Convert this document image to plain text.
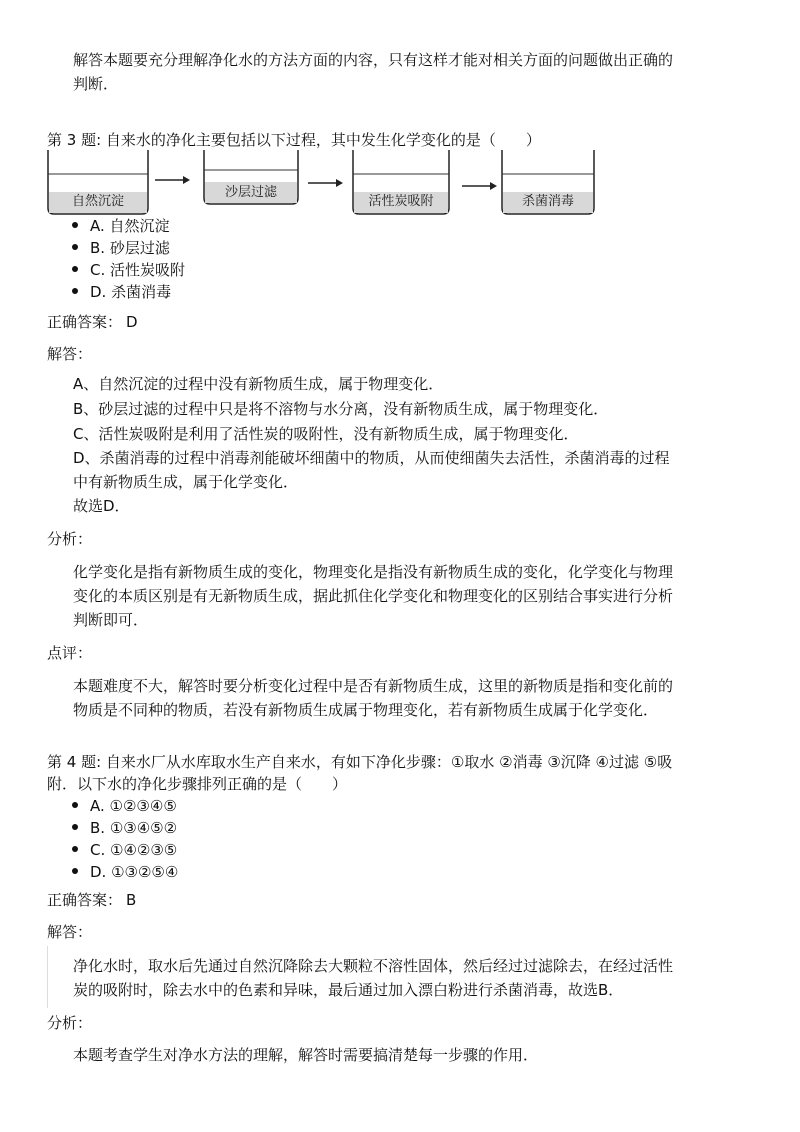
解答本题要充分理解净化水的方法方面的内容，只有这样才能对相关方面的问题做出正确的
判断．
第 3 题: 自来水的净化主要包括以下过程，其中发生化学变化的是（　　）
自然沉淀
沙层过滤
活性炭吸附	杀菌消毒
A. 自然沉淀
B. 砂层过滤
C. 活性炭吸附
D. 杀菌消毒
正确答案： D
解答：
A、自然沉淀的过程中没有新物质生成，属于物理变化．
B、砂层过滤的过程中只是将不溶物与水分离，没有新物质生成，属于物理变化．
C、活性炭吸附是利用了活性炭的吸附性，没有新物质生成，属于物理变化．
D、杀菌消毒的过程中消毒剂能破坏细菌中的物质，从而使细菌失去活性，杀菌消毒的过程
中有新物质生成，属于化学变化．
故选D．
分析：
化学变化是指有新物质生成的变化，物理变化是指没有新物质生成的变化，化学变化与物理
变化的本质区别是有无新物质生成，据此抓住化学变化和物理变化的区别结合事实进行分析
判断即可．
点评：
本题难度不大，解答时要分析变化过程中是否有新物质生成，这里的新物质是指和变化前的
物质是不同种的物质，若没有新物质生成属于物理变化，若有新物质生成属于化学变化．
第 4 题: 自来水厂从水库取水生产自来水，有如下净化步骤：①取水 ②消毒 ③沉降 ④过滤 ⑤吸
附．以下水的净化步骤排列正确的是（　　）
A. ①②③④⑤
B. ①③④⑤②
C. ①④②③⑤
D. ①③②⑤④
正确答案： B
解答：
净化水时，取水后先通过自然沉降除去大颗粒不溶性固体，然后经过过滤除去，在经过活性
炭的吸附时，除去水中的色素和异味，最后通过加入漂白粉进行杀菌消毒，故选B．
分析：
本题考查学生对净水方法的理解，解答时需要搞清楚每一步骤的作用．
